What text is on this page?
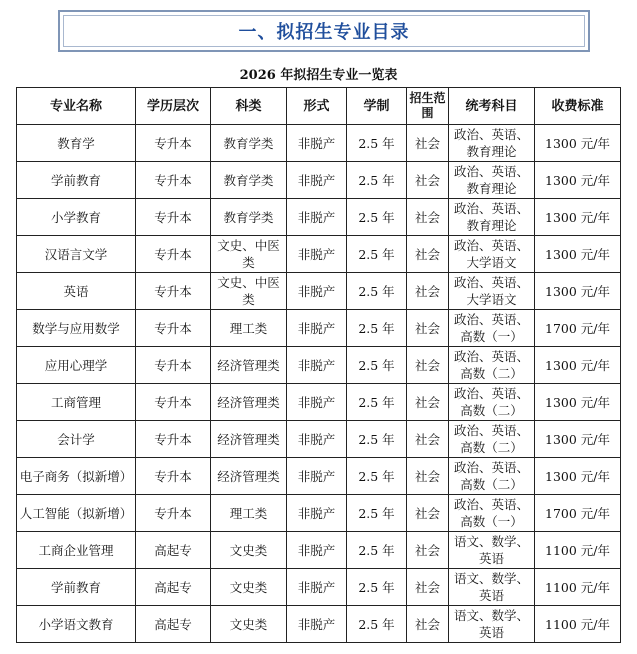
一、拟招生专业目录
2026 年拟招生专业一览表
专业名称	学历层次	科类	形式	学制	招生范围	统考科目	收费标准
教育学	专升本	教育学类	非脱产	2.5 年	社会	政治、英语、教育理论	1300 元/年
学前教育	专升本	教育学类	非脱产	2.5 年	社会	政治、英语、教育理论	1300 元/年
小学教育	专升本	教育学类	非脱产	2.5 年	社会	政治、英语、教育理论	1300 元/年
汉语言文学	专升本	文史、中医类	非脱产	2.5 年	社会	政治、英语、大学语文	1300 元/年
英语	专升本	文史、中医类	非脱产	2.5 年	社会	政治、英语、大学语文	1300 元/年
数学与应用数学	专升本	理工类	非脱产	2.5 年	社会	政治、英语、高数（一）	1700 元/年
应用心理学	专升本	经济管理类	非脱产	2.5 年	社会	政治、英语、高数（二）	1300 元/年
工商管理	专升本	经济管理类	非脱产	2.5 年	社会	政治、英语、高数（二）	1300 元/年
会计学	专升本	经济管理类	非脱产	2.5 年	社会	政治、英语、高数（二）	1300 元/年
电子商务（拟新增）	专升本	经济管理类	非脱产	2.5 年	社会	政治、英语、高数（二）	1300 元/年
人工智能（拟新增）	专升本	理工类	非脱产	2.5 年	社会	政治、英语、高数（一）	1700 元/年
工商企业管理	高起专	文史类	非脱产	2.5 年	社会	语文、数学、英语	1100 元/年
学前教育	高起专	文史类	非脱产	2.5 年	社会	语文、数学、英语	1100 元/年
小学语文教育	高起专	文史类	非脱产	2.5 年	社会	语文、数学、英语	1100 元/年
